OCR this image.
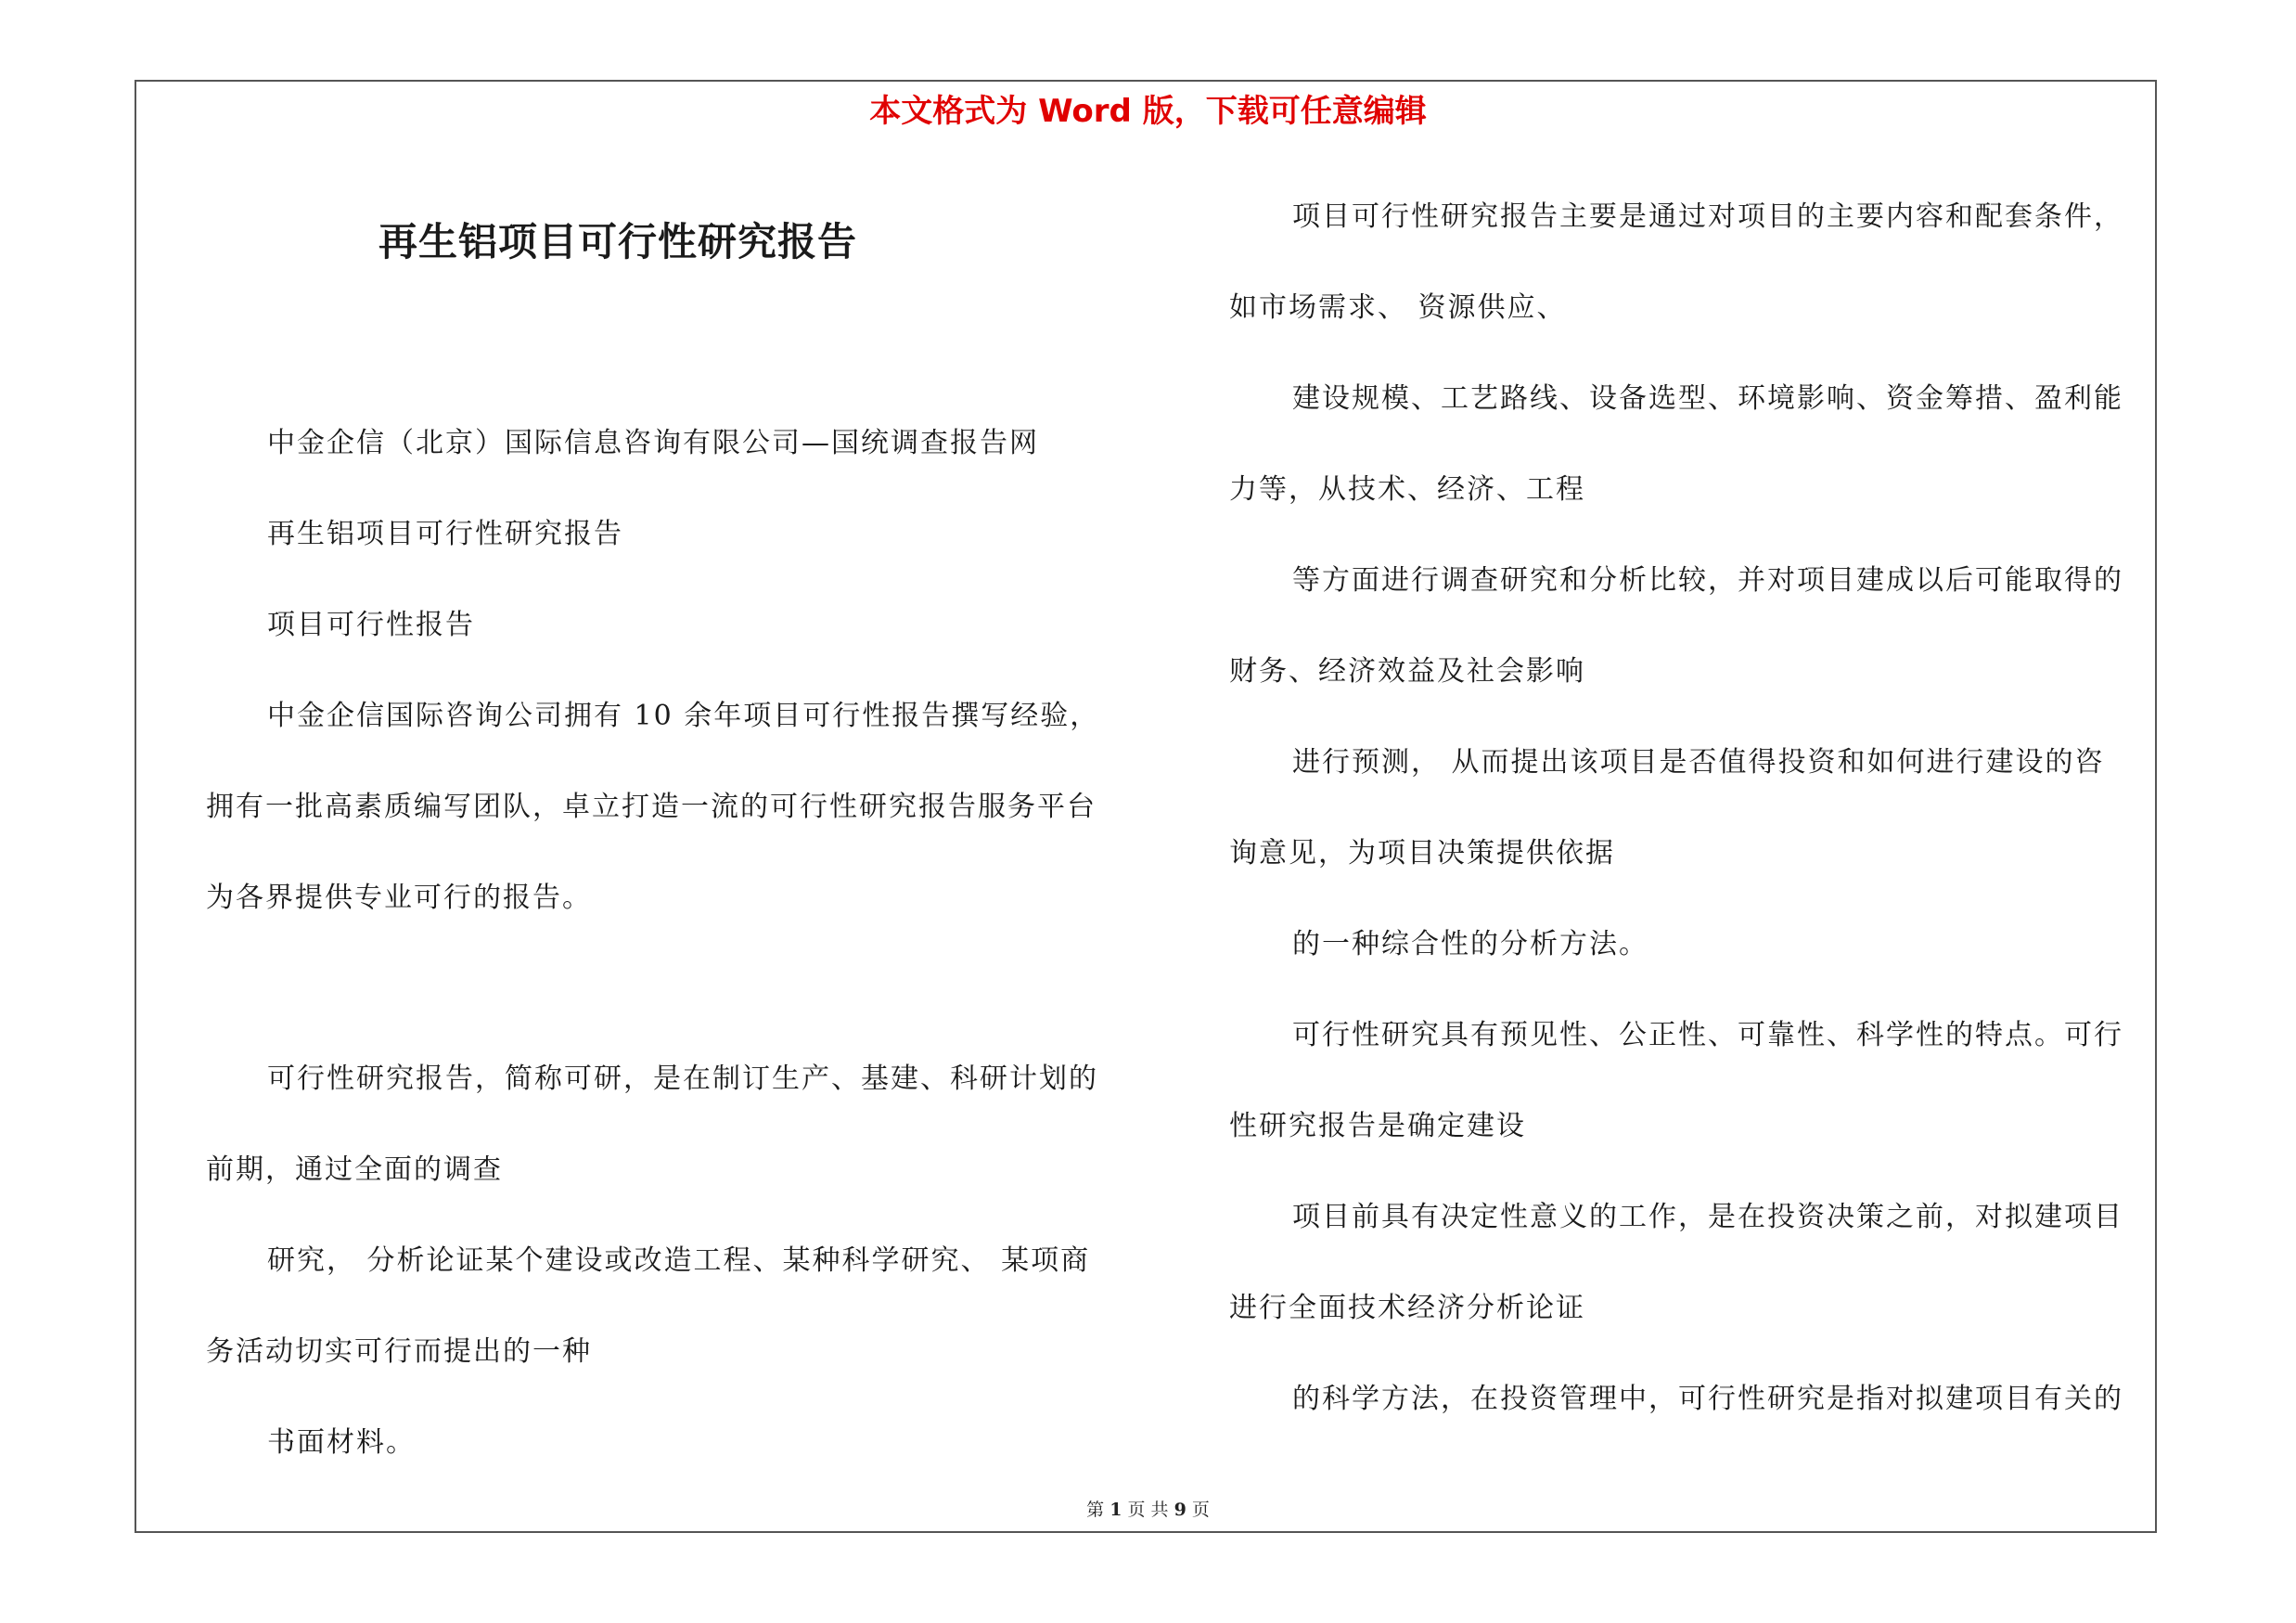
本文格式为 Word 版，下载可任意编辑
再生铝项目可行性研究报告
中金企信（北京）国际信息咨询有限公司—国统调查报告网
再生铝项目可行性研究报告
项目可行性报告
中金企信国际咨询公司拥有 10 余年项目可行性报告撰写经验，
拥有一批高素质编写团队，卓立打造一流的可行性研究报告服务平台
为各界提供专业可行的报告。
可行性研究报告，简称可研，是在制订生产、基建、科研计划的
前期，通过全面的调查
研究， 分析论证某个建设或改造工程、某种科学研究、 某项商
务活动切实可行而提出的一种
书面材料。
项目可行性研究报告主要是通过对项目的主要内容和配套条件，
如市场需求、 资源供应、
建设规模、工艺路线、设备选型、环境影响、资金筹措、盈利能
力等，从技术、经济、工程
等方面进行调查研究和分析比较，并对项目建成以后可能取得的
财务、经济效益及社会影响
进行预测， 从而提出该项目是否值得投资和如何进行建设的咨
询意见，为项目决策提供依据
的一种综合性的分析方法。
可行性研究具有预见性、公正性、可靠性、科学性的特点。可行
性研究报告是确定建设
项目前具有决定性意义的工作，是在投资决策之前，对拟建项目
进行全面技术经济分析论证
的科学方法，在投资管理中，可行性研究是指对拟建项目有关的
第 1 页 共 9 页
